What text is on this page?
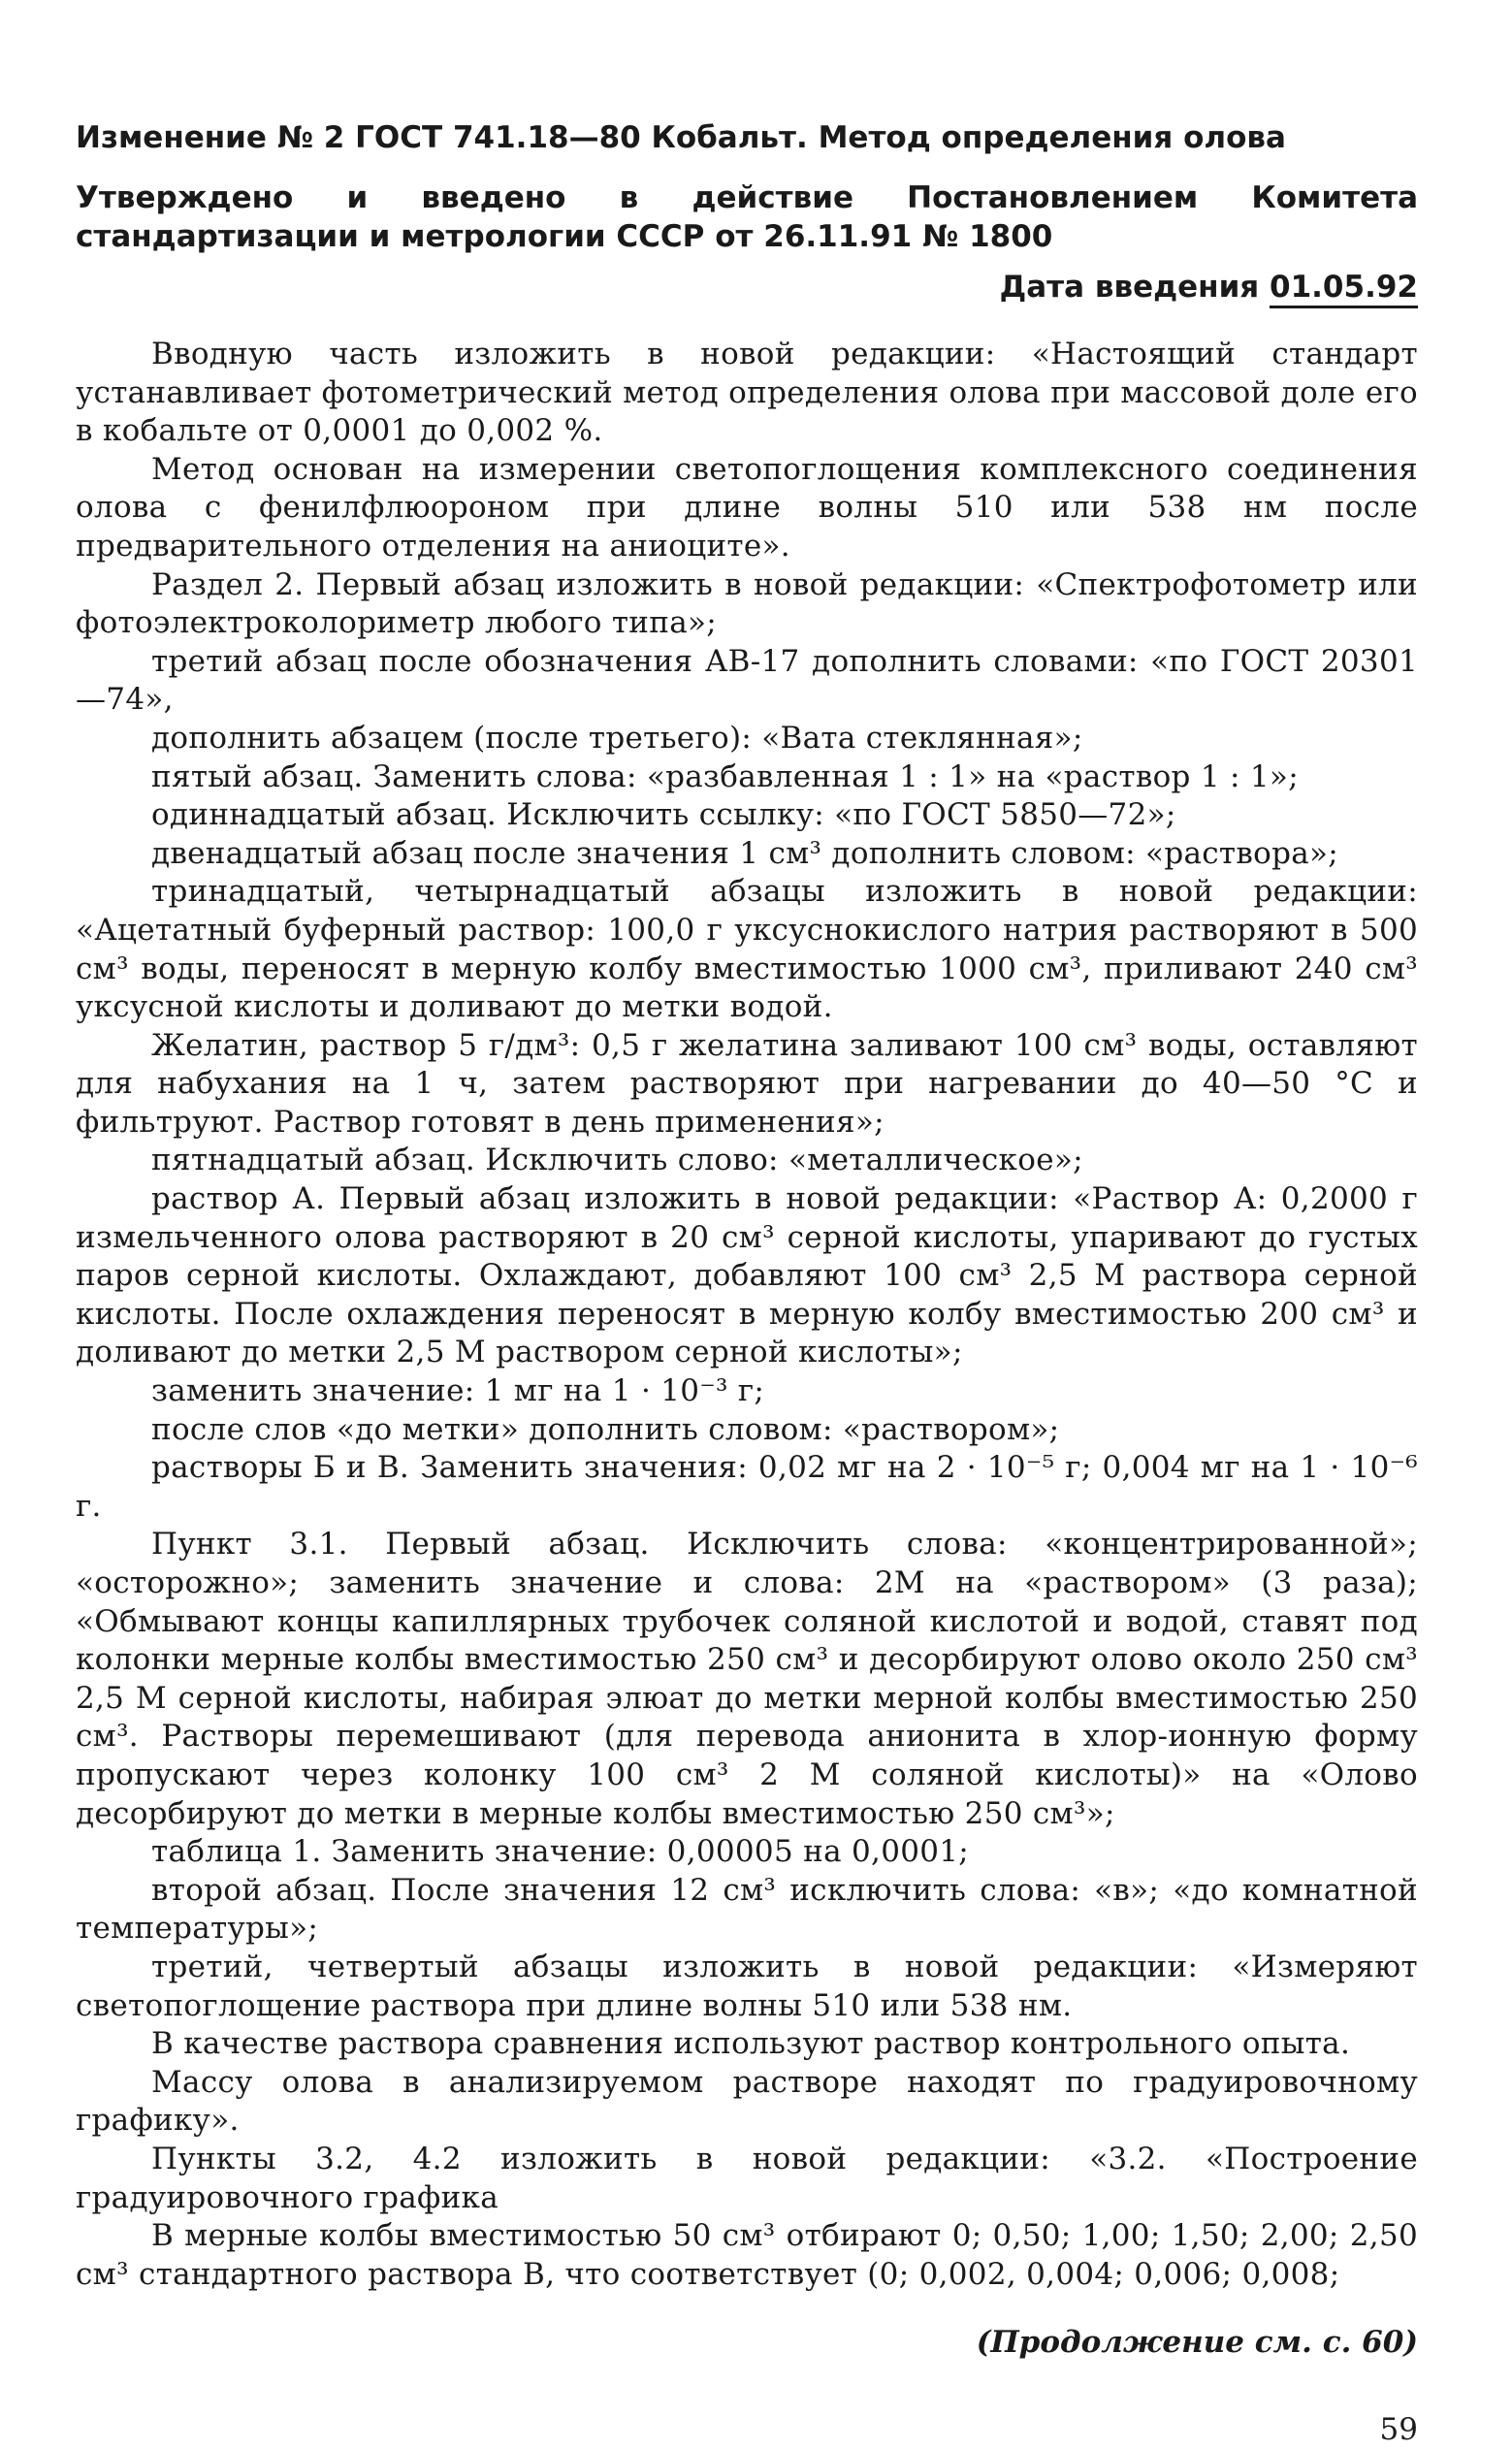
Изменение № 2 ГОСТ 741.18—80 Кобальт. Метод определения олова

Утверждено и введено в действие Постановлением Комитета стандартизации и метрологии СССР от 26.11.91 № 1800

Дата введения 01.05.92

Вводную часть изложить в новой редакции: «Настоящий стандарт устанавливает фотометрический метод определения олова при массовой доле его в кобальте от 0,0001 до 0,002 %.

Метод основан на измерении светопоглощения комплексного соединения олова с фенилфлюороном при длине волны 510 или 538 нм после предварительного отделения на аниоците».

Раздел 2. Первый абзац изложить в новой редакции: «Спектрофотометр или фотоэлектроколориметр любого типа»;

третий абзац после обозначения АВ-17 дополнить словами: «по ГОСТ 20301—74»,

дополнить абзацем (после третьего): «Вата стеклянная»;

пятый абзац. Заменить слова: «разбавленная 1 : 1» на «раствор 1 : 1»;

одиннадцатый абзац. Исключить ссылку: «по ГОСТ 5850—72»;

двенадцатый абзац после значения 1 см³ дополнить словом: «раствора»;

тринадцатый, четырнадцатый абзацы изложить в новой редакции: «Ацетатный буферный раствор: 100,0 г уксуснокислого натрия растворяют в 500 см³ воды, переносят в мерную колбу вместимостью 1000 см³, приливают 240 см³ уксусной кислоты и доливают до метки водой.

Желатин, раствор 5 г/дм³: 0,5 г желатина заливают 100 см³ воды, оставляют для набухания на 1 ч, затем растворяют при нагревании до 40—50 °С и фильтруют. Раствор готовят в день применения»;

пятнадцатый абзац. Исключить слово: «металлическое»;

раствор А. Первый абзац изложить в новой редакции: «Раствор А: 0,2000 г измельченного олова растворяют в 20 см³ серной кислоты, упаривают до густых паров серной кислоты. Охлаждают, добавляют 100 см³ 2,5 М раствора серной кислоты. После охлаждения переносят в мерную колбу вместимостью 200 см³ и доливают до метки 2,5 М раствором серной кислоты»;

заменить значение: 1 мг на 1 · 10⁻³ г;

после слов «до метки» дополнить словом: «раствором»;

растворы Б и В. Заменить значения: 0,02 мг на 2 · 10⁻⁵ г; 0,004 мг на 1 · 10⁻⁶ г.

Пункт 3.1. Первый абзац. Исключить слова: «концентрированной»; «осторожно»; заменить значение и слова: 2М на «раствором» (3 раза); «Обмывают концы капиллярных трубочек соляной кислотой и водой, ставят под колонки мерные колбы вместимостью 250 см³ и десорбируют олово около 250 см³ 2,5 М серной кислоты, набирая элюат до метки мерной колбы вместимостью 250 см³. Растворы перемешивают (для перевода анионита в хлор-ионную форму пропускают через колонку 100 см³ 2 М соляной кислоты)» на «Олово десорбируют до метки в мерные колбы вместимостью 250 см³»;

таблица 1. Заменить значение: 0,00005 на 0,0001;

второй абзац. После значения 12 см³ исключить слова: «в»; «до комнатной температуры»;

третий, четвертый абзацы изложить в новой редакции: «Измеряют светопоглощение раствора при длине волны 510 или 538 нм.

В качестве раствора сравнения используют раствор контрольного опыта.

Массу олова в анализируемом растворе находят по градуировочному графику».

Пункты 3.2, 4.2 изложить в новой редакции: «3.2. «Построение градуировочного графика

В мерные колбы вместимостью 50 см³ отбирают 0; 0,50; 1,00; 1,50; 2,00; 2,50 см³ стандартного раствора В, что соответствует (0; 0,002, 0,004; 0,006; 0,008;

(Продолжение см. с. 60)

59
